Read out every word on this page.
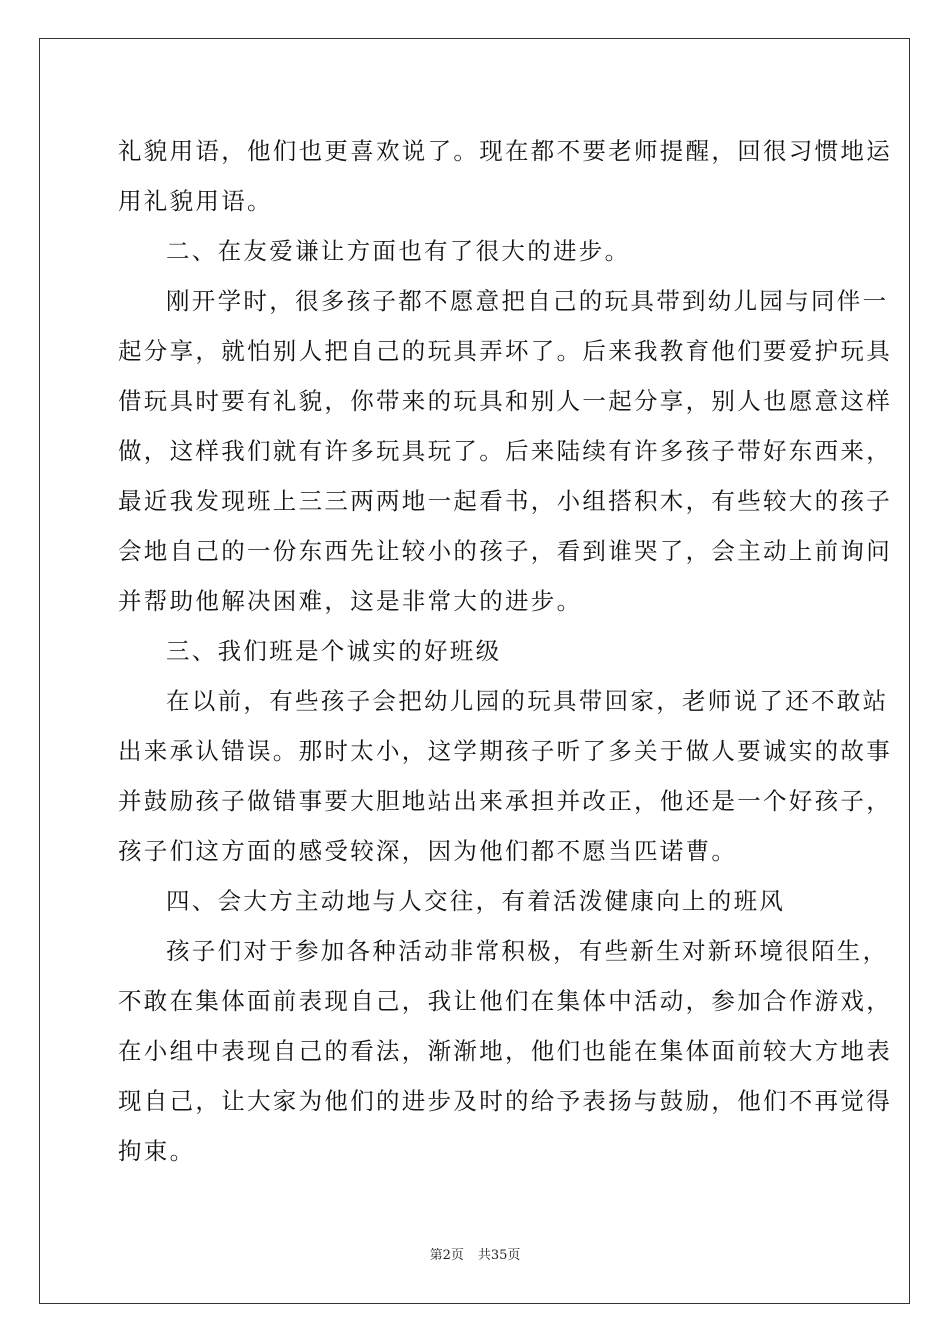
礼貌用语，他们也更喜欢说了。现在都不要老师提醒，回很习惯地运
用礼貌用语。
二、在友爱谦让方面也有了很大的进步。
刚开学时，很多孩子都不愿意把自己的玩具带到幼儿园与同伴一
起分享，就怕别人把自己的玩具弄坏了。后来我教育他们要爱护玩具
借玩具时要有礼貌，你带来的玩具和别人一起分享，别人也愿意这样
做，这样我们就有许多玩具玩了。后来陆续有许多孩子带好东西来，
最近我发现班上三三两两地一起看书，小组搭积木，有些较大的孩子
会地自己的一份东西先让较小的孩子，看到谁哭了，会主动上前询问
并帮助他解决困难，这是非常大的进步。
三、我们班是个诚实的好班级
在以前，有些孩子会把幼儿园的玩具带回家，老师说了还不敢站
出来承认错误。那时太小，这学期孩子听了多关于做人要诚实的故事
并鼓励孩子做错事要大胆地站出来承担并改正，他还是一个好孩子，
孩子们这方面的感受较深，因为他们都不愿当匹诺曹。
四、会大方主动地与人交往，有着活泼健康向上的班风
孩子们对于参加各种活动非常积极，有些新生对新环境很陌生，
不敢在集体面前表现自己，我让他们在集体中活动，参加合作游戏，
在小组中表现自己的看法，渐渐地，他们也能在集体面前较大方地表
现自己，让大家为他们的进步及时的给予表扬与鼓励，他们不再觉得
拘束。
第2页 共35页
